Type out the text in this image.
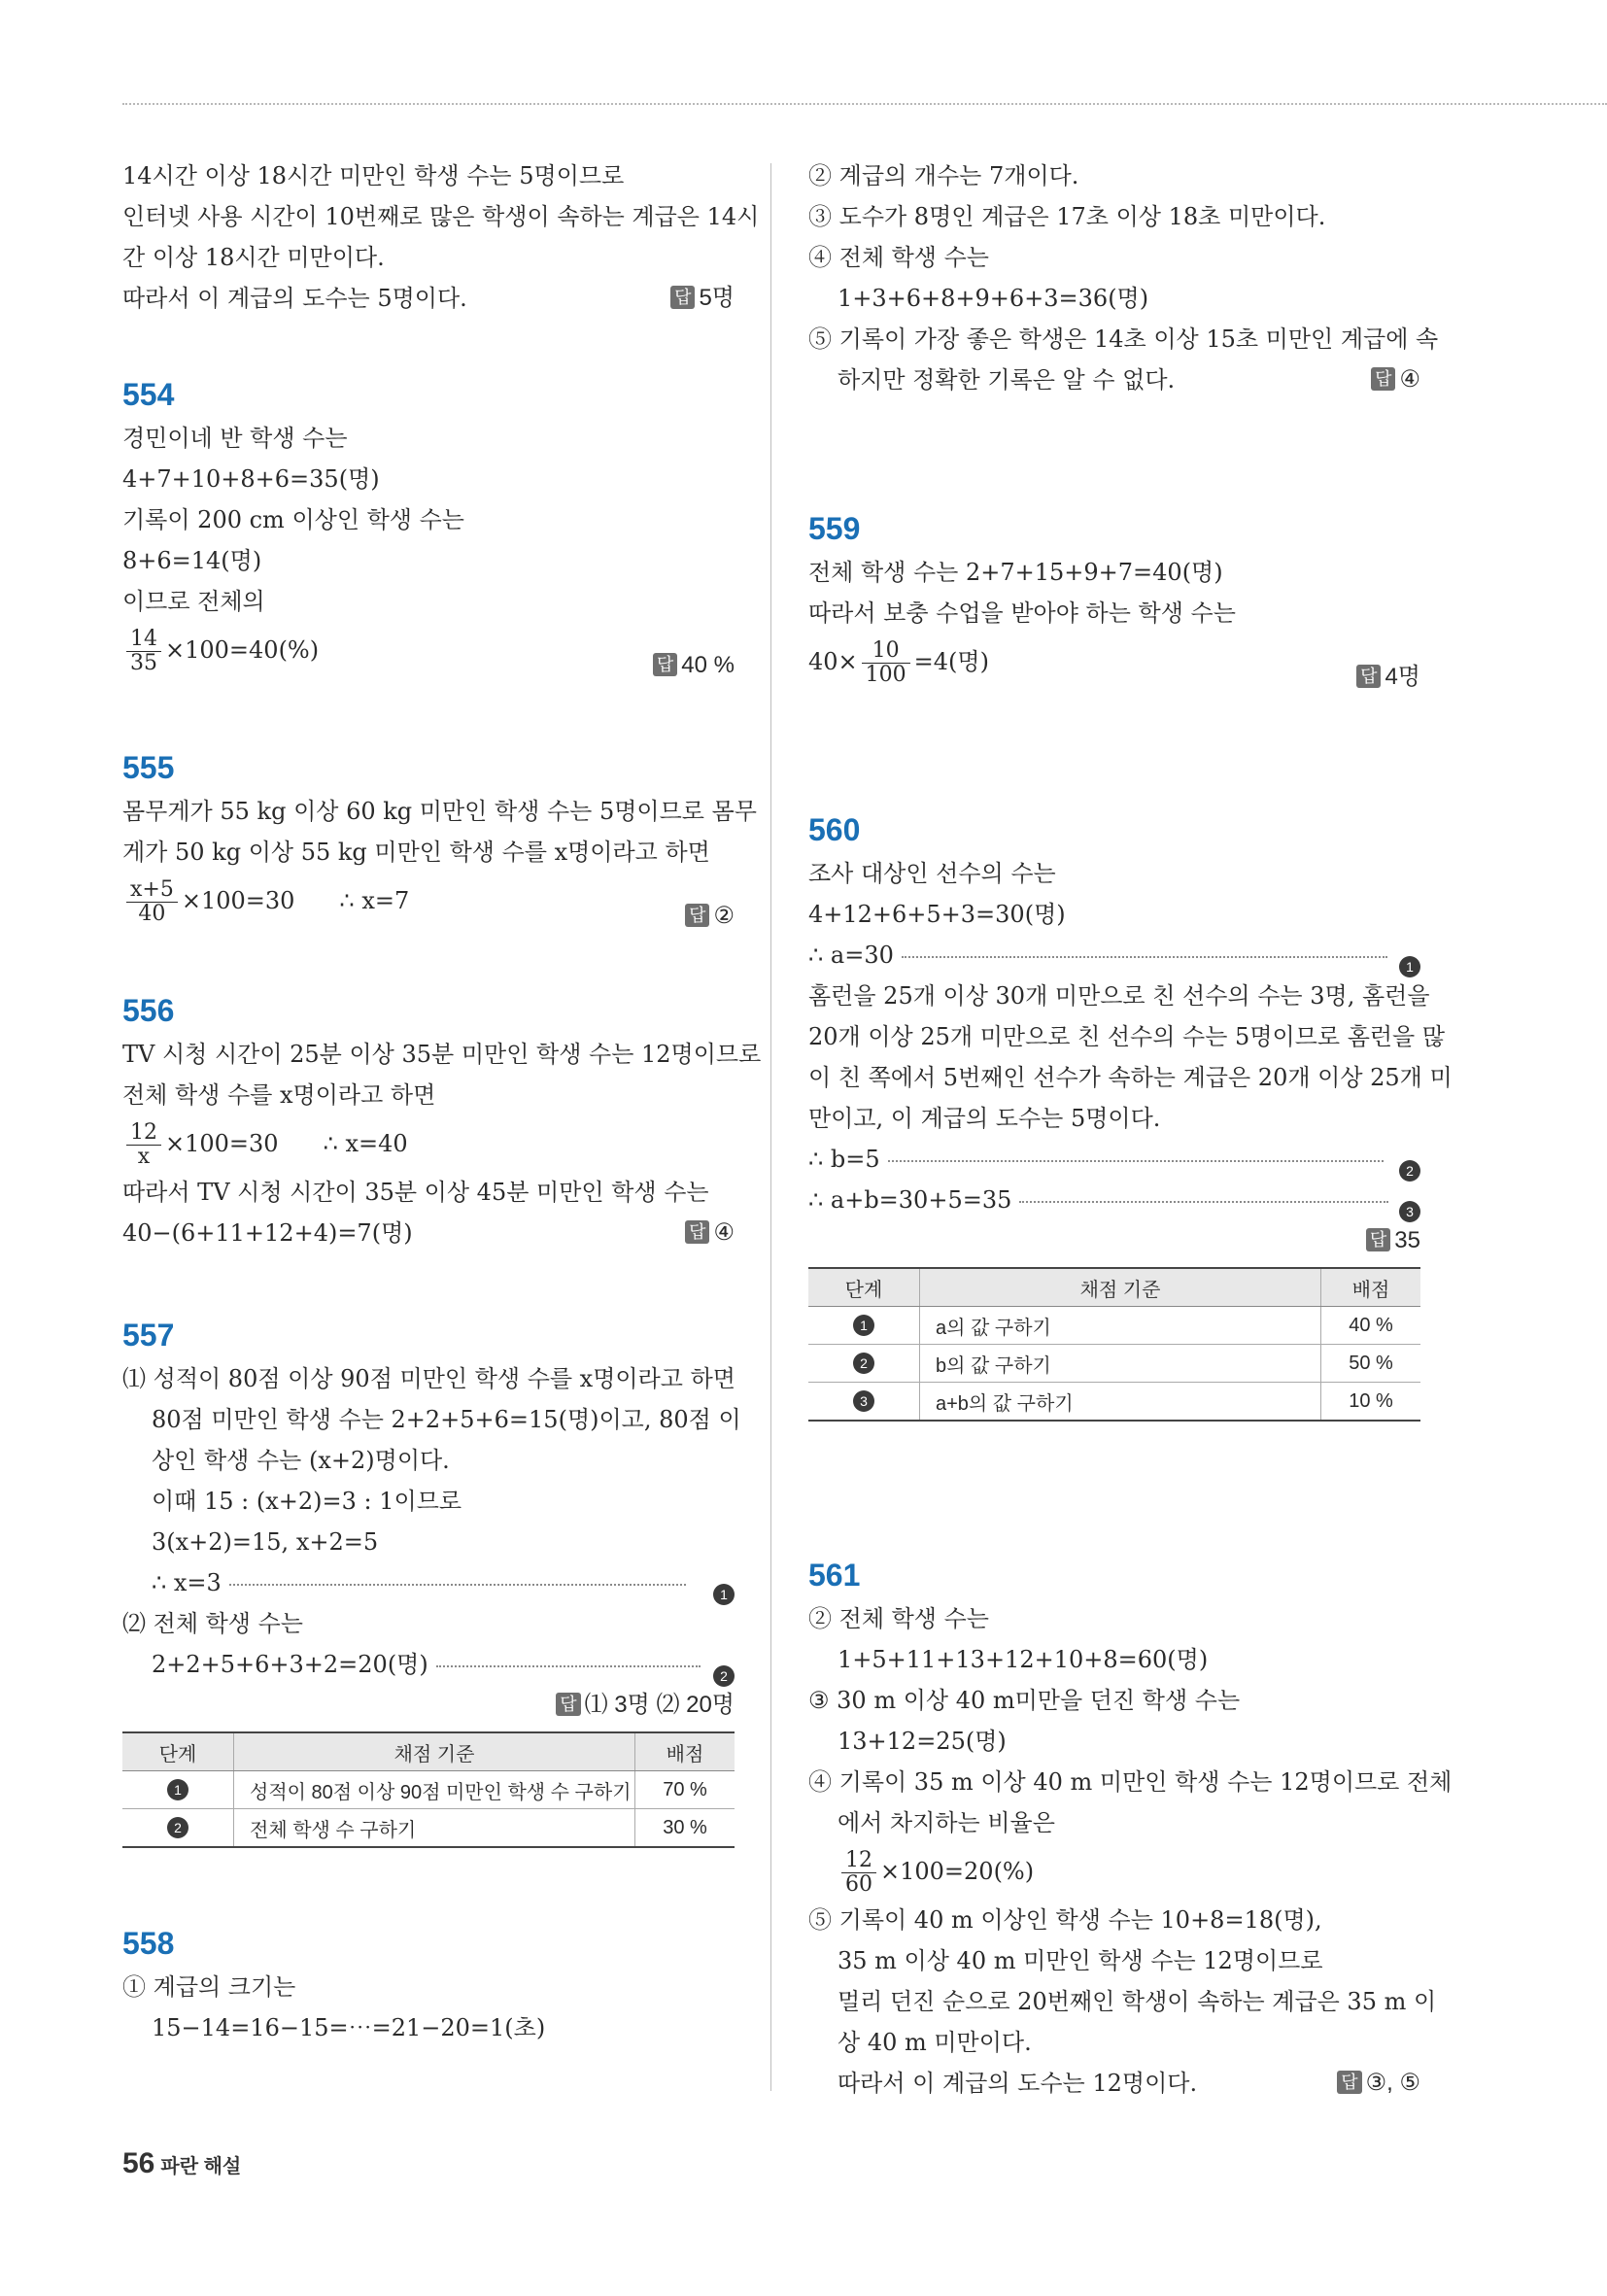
14시간 이상 18시간 미만인 학생 수는 5명이므로
인터넷 사용 시간이 10번째로 많은 학생이 속하는 계급은 14시
간 이상 18시간 미만이다.
따라서 이 계급의 도수는 5명이다.	답 5명
554
경민이네 반 학생 수는
4+7+10+8+6=35(명)
기록이 200 cm 이상인 학생 수는
8+6=14(명)
이므로 전체의
$\frac{14}{35} \times 100=40(\%)$
답 40 %
555
몸무게가 55 kg 이상 60 kg 미만인 학생 수는 5명이므로 몸무
게가 50 kg 이상 55 kg 미만인 학생 수를 x명이라고 하면
$\frac{x+5}{40} \times 100=30$ ∴ x=7
답 ②
556
TV 시청 시간이 25분 이상 35분 미만인 학생 수는 12명이므로
전체 학생 수를 x명이라고 하면
$\frac{12}{x} \times 100=30$ ∴ x=40
따라서 TV 시청 시간이 35분 이상 45분 미만인 학생 수는
40−(6+11+12+4)=7(명)	답 ④
557
⑴ 성적이 80점 이상 90점 미만인 학생 수를 x명이라고 하면
80점 미만인 학생 수는 2+2+5+6=15(명)이고, 80점 이
상인 학생 수는 (x+2)명이다.
이때 15 : (x+2)=3 : 1이므로
3(x+2)=15, x+2=5
∴ x=3	1
⑵ 전체 학생 수는
2+2+5+6+3+2=20(명)	2
답 ⑴ 3명 ⑵ 20명
단계	채점 기준	배점
1	성적이 80점 이상 90점 미만인 학생 수 구하기	70 %
2	전체 학생 수 구하기	30 %
558
① 계급의 크기는
15−14=16−15=⋯=21−20=1(초)
② 계급의 개수는 7개이다.
③ 도수가 8명인 계급은 17초 이상 18초 미만이다.
④ 전체 학생 수는
1+3+6+8+9+6+3=36(명)
⑤ 기록이 가장 좋은 학생은 14초 이상 15초 미만인 계급에 속
하지만 정확한 기록은 알 수 없다.	답 ④
559
전체 학생 수는 2+7+15+9+7=40(명)
따라서 보충 수업을 받아야 하는 학생 수는
$40\times \frac{10}{100} =4$(명)
답 4명
560
조사 대상인 선수의 수는
4+12+6+5+3=30(명)
∴ a=30	1
홈런을 25개 이상 30개 미만으로 친 선수의 수는 3명, 홈런을
20개 이상 25개 미만으로 친 선수의 수는 5명이므로 홈런을 많
이 친 쪽에서 5번째인 선수가 속하는 계급은 20개 이상 25개 미
만이고, 이 계급의 도수는 5명이다.
∴ b=5	2
∴ a+b=30+5=35	3
답 35
단계	채점 기준	배점
1	a의 값 구하기	40 %
2	b의 값 구하기	50 %
3	a+b의 값 구하기	10 %
561
② 전체 학생 수는
1+5+11+13+12+10+8=60(명)
③ 30 m 이상 40 m미만을 던진 학생 수는
13+12=25(명)
④ 기록이 35 m 이상 40 m 미만인 학생 수는 12명이므로 전체
에서 차지하는 비율은
$\frac{12}{60} \times 100=20(\%)$
⑤ 기록이 40 m 이상인 학생 수는 10+8=18(명),
35 m 이상 40 m 미만인 학생 수는 12명이므로
멀리 던진 순으로 20번째인 학생이 속하는 계급은 35 m 이
상 40 m 미만이다.
따라서 이 계급의 도수는 12명이다.	답 ③, ⑤
56 파란 해설
